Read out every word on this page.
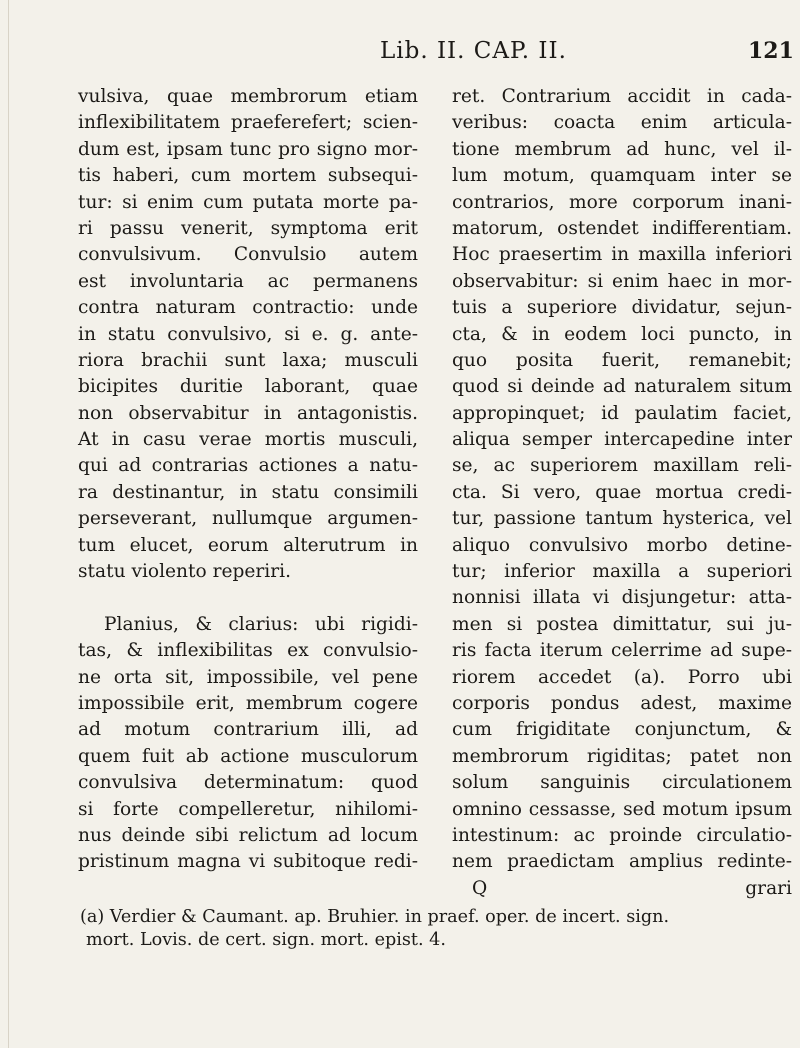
Lib. II. CAP. II.	121
vulsiva, quae membrorum etiam
inflexibilitatem praeferefert; scien-
dum est, ipsam tunc pro signo mor-
tis haberi, cum mortem subsequi-
tur: si enim cum putata morte pa-
ri passu venerit, symptoma erit
convulsivum. Convulsio autem
est involuntaria ac permanens
contra naturam contractio: unde
in statu convulsivo, si e. g. ante-
riora brachii sunt laxa; musculi
bicipites duritie laborant, quae
non observabitur in antagonistis.
At in casu verae mortis musculi,
qui ad contrarias actiones a natu-
ra destinantur, in statu consimili
perseverant, nullumque argumen-
tum elucet, eorum alterutrum in
statu violento reperiri.
Planius, & clarius: ubi rigidi-
tas, & inflexibilitas ex convulsio-
ne orta sit, impossibile, vel pene
impossibile erit, membrum cogere
ad motum contrarium illi, ad
quem fuit ab actione musculorum
convulsiva determinatum: quod
si forte compelleretur, nihilomi-
nus deinde sibi relictum ad locum
pristinum magna vi subitoque redi-
ret. Contrarium accidit in cada-
veribus: coacta enim articula-
tione membrum ad hunc, vel il-
lum motum, quamquam inter se
contrarios, more corporum inani-
matorum, ostendet indifferentiam.
Hoc praesertim in maxilla inferiori
observabitur: si enim haec in mor-
tuis a superiore dividatur, sejun-
cta, & in eodem loci puncto, in
quo posita fuerit, remanebit;
quod si deinde ad naturalem situm
appropinquet; id paulatim faciet,
aliqua semper intercapedine inter
se, ac superiorem maxillam reli-
cta. Si vero, quae mortua credi-
tur, passione tantum hysterica, vel
aliquo convulsivo morbo detine-
tur; inferior maxilla a superiori
nonnisi illata vi disjungetur: atta-
men si postea dimittatur, sui ju-
ris facta iterum celerrime ad supe-
riorem accedet (a). Porro ubi
corporis pondus adest, maxime
cum frigiditate conjunctum, &
membrorum rigiditas; patet non
solum sanguinis circulationem
omnino cessasse, sed motum ipsum
intestinum: ac proinde circulatio-
nem praedictam amplius redinte-
Q	grari
(a) Verdier & Caumant. ap. Bruhier. in praef. oper. de incert. sign.
mort. Lovis. de cert. sign. mort. epist. 4.
